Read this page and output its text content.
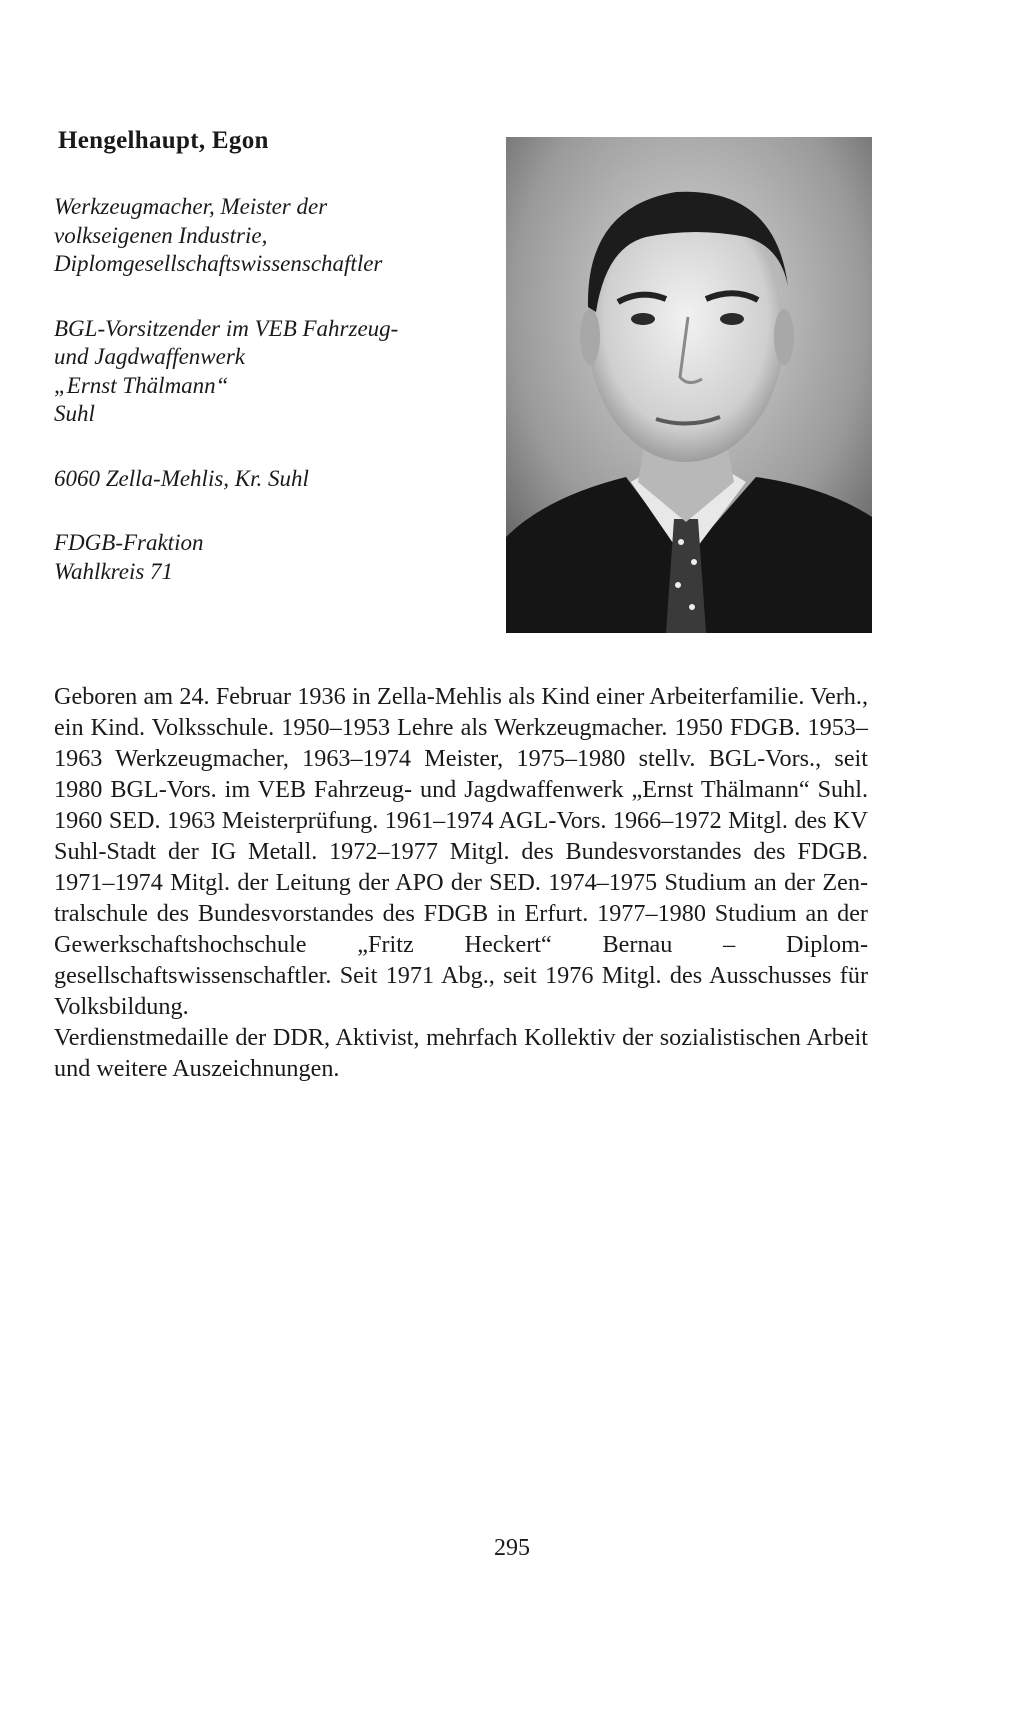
Hengelhaupt, Egon
Werkzeugmacher, Meister der
volkseigenen Industrie,
Diplomgesellschaftswissenschaftler
BGL-Vorsitzender im VEB Fahrzeug-
und Jagdwaffenwerk
„Ernst Thälmann“
Suhl
6060 Zella-Mehlis, Kr. Suhl
FDGB-Fraktion
Wahlkreis 71

Geboren am 24. Februar 1936 in Zella-Mehlis als Kind einer Arbeiterfamilie. Verh., ein Kind. Volksschule. 1950–1953 Lehre als Werkzeugmacher. 1950 FDGB. 1953–1963 Werkzeugmacher, 1963–1974 Meister, 1975–1980 stellv. BGL-Vors., seit 1980 BGL-Vors. im VEB Fahrzeug- und Jagdwaffenwerk „Ernst Thälmann“ Suhl. 1960 SED. 1963 Meisterprüfung. 1961–1974 AGL-Vors. 1966–1972 Mitgl. des KV Suhl-Stadt der IG Metall. 1972–1977 Mitgl. des Bundesvorstandes des FDGB. 1971–1974 Mitgl. der Leitung der APO der SED. 1974–1975 Studium an der Zentralschule des Bundesvorstandes des FDGB in Erfurt. 1977–1980 Studium an der Gewerkschaftshochschule „Fritz Heckert“ Bernau – Diplomgesellschaftswissenschaftler. Seit 1971 Abg., seit 1976 Mitgl. des Ausschusses für Volksbildung.

Verdienstmedaille der DDR, Aktivist, mehrfach Kollektiv der sozialistischen Arbeit und weitere Auszeichnungen.

295
